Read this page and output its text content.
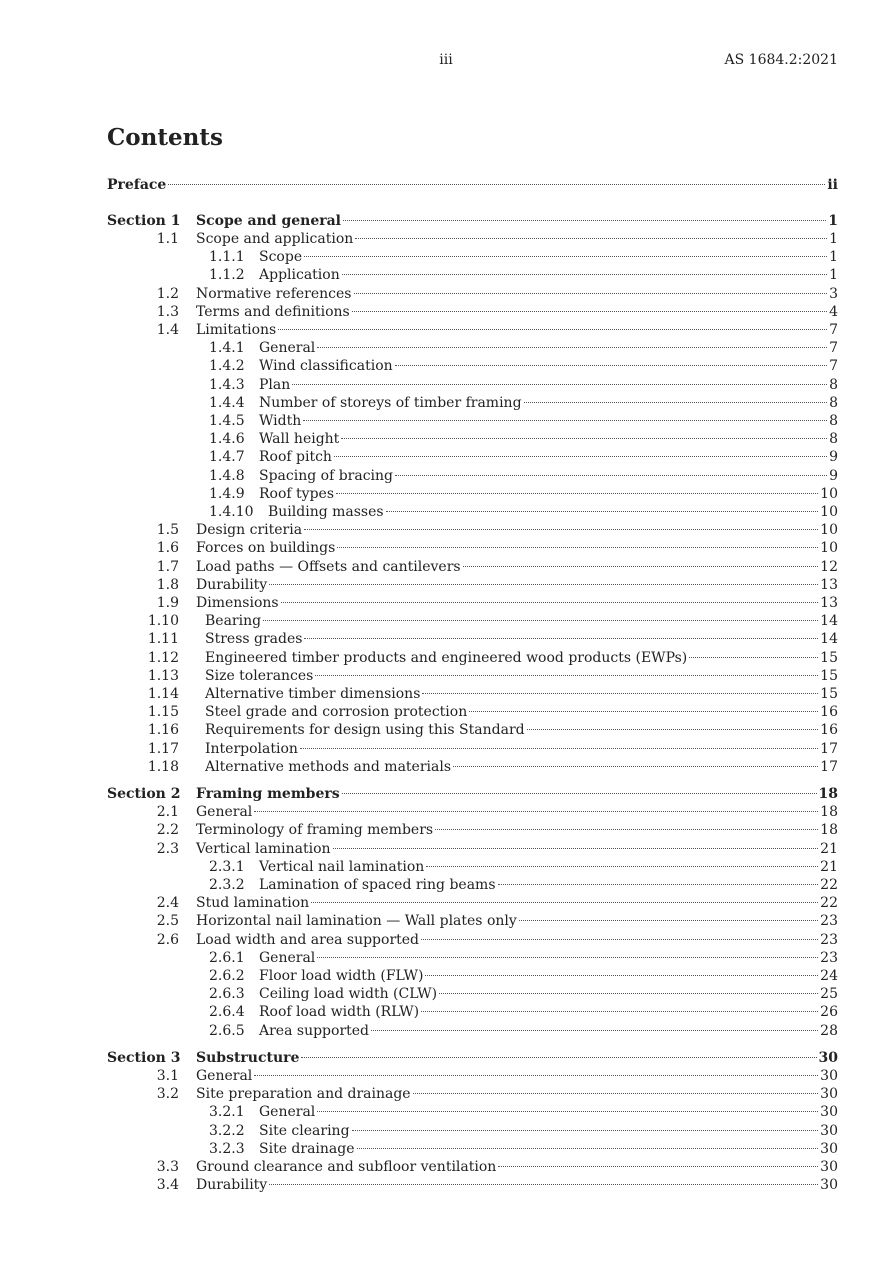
iii	AS 1684.2:2021
Contents
Preface	ii
Section 1 Scope and general	1
1.1 Scope and application	1
1.1.1 Scope	1
1.1.2 Application	1
1.2 Normative references	3
1.3 Terms and definitions	4
1.4 Limitations	7
1.4.1 General	7
1.4.2 Wind classification	7
1.4.3 Plan	8
1.4.4 Number of storeys of timber framing	8
1.4.5 Width	8
1.4.6 Wall height	8
1.4.7 Roof pitch	9
1.4.8 Spacing of bracing	9
1.4.9 Roof types	10
1.4.10 Building masses	10
1.5 Design criteria	10
1.6 Forces on buildings	10
1.7 Load paths — Offsets and cantilevers	12
1.8 Durability	13
1.9 Dimensions	13
1.10 Bearing	14
1.11 Stress grades	14
1.12 Engineered timber products and engineered wood products (EWPs)	15
1.13 Size tolerances	15
1.14 Alternative timber dimensions	15
1.15 Steel grade and corrosion protection	16
1.16 Requirements for design using this Standard	16
1.17 Interpolation	17
1.18 Alternative methods and materials	17
Section 2 Framing members	18
2.1 General	18
2.2 Terminology of framing members	18
2.3 Vertical lamination	21
2.3.1 Vertical nail lamination	21
2.3.2 Lamination of spaced ring beams	22
2.4 Stud lamination	22
2.5 Horizontal nail lamination — Wall plates only	23
2.6 Load width and area supported	23
2.6.1 General	23
2.6.2 Floor load width (FLW)	24
2.6.3 Ceiling load width (CLW)	25
2.6.4 Roof load width (RLW)	26
2.6.5 Area supported	28
Section 3 Substructure	30
3.1 General	30
3.2 Site preparation and drainage	30
3.2.1 General	30
3.2.2 Site clearing	30
3.2.3 Site drainage	30
3.3 Ground clearance and subfloor ventilation	30
3.4 Durability	30
